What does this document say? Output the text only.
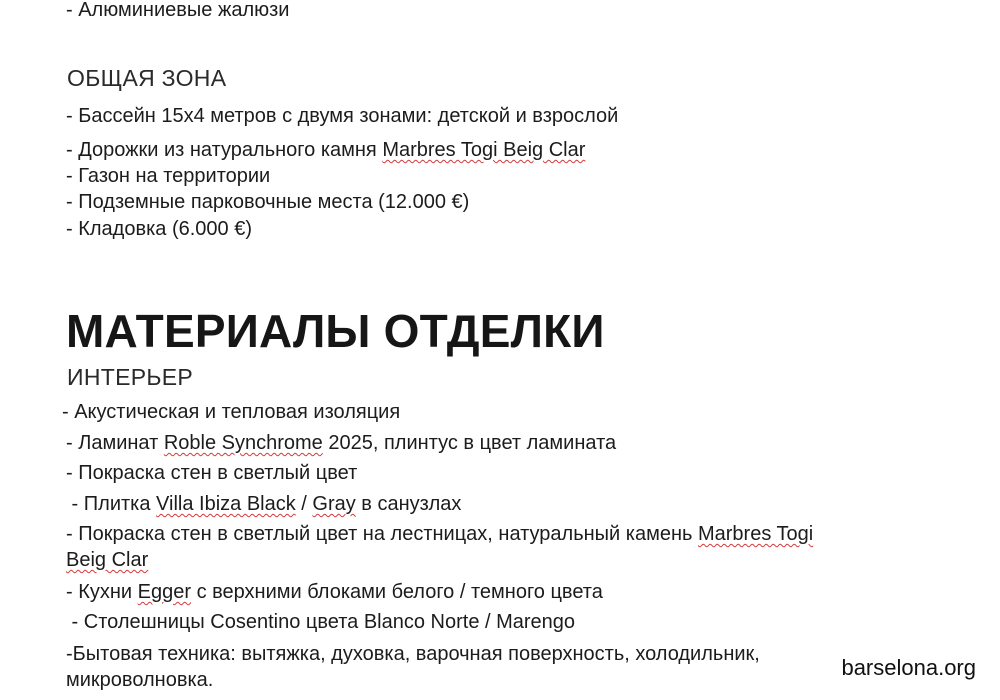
- Алюминиевые жалюзи
ОБЩАЯ ЗОНА
- Бассейн 15х4 метров с двумя зонами: детской и взрослой
- Дорожки из натурального камня Marbres Togi Beig Clar
- Газон на территории
- Подземные парковочные места (12.000 €)
- Кладовка (6.000 €)
МАТЕРИАЛЫ ОТДЕЛКИ
ИНТЕРЬЕР
- Акустическая и тепловая изоляция
- Ламинат Roble Synchrome 2025, плинтус в цвет ламината
- Покраска стен в светлый цвет
- Плитка Villa Ibiza Black / Gray в санузлах
- Покраска стен в светлый цвет на лестницах, натуральный камень Marbres Togi
Beig Clar
- Кухни Egger с верхними блоками белого / темного цвета
- Столешницы Cosentino цвета Blanco Norte / Marengo
-Бытовая техника: вытяжка, духовка, варочная поверхность, холодильник,
микроволновка.	barselona.org
